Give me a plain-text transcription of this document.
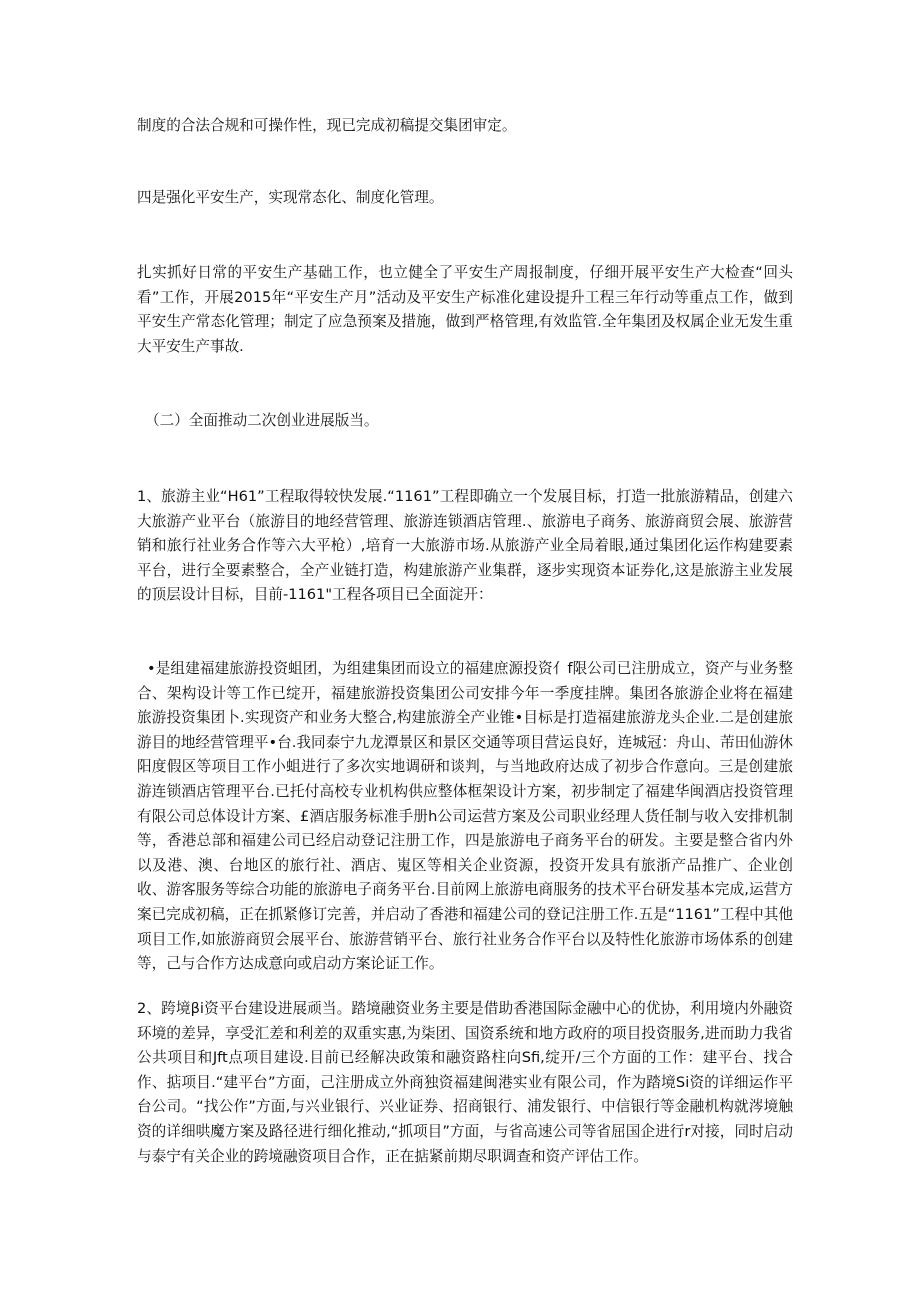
制度的合法合规和可操作性，现已完成初稿提交集团审定。

四是强化平安生产，实现常态化、制度化管理。

扎实抓好日常的平安生产基础工作，也立健全了平安生产周报制度，仔细开展平安生产大检查“回头看”工作，开展2015年“平安生产月”活动及平安生产标准化建设提升工程三年行动等重点工作，做到平安生产常态化管理；制定了应急预案及措施，做到严格管理,有效监管.全年集团及权属企业无发生重大平安生产事故.

（二）全面推动二次创业进展版当。

1、旅游主业“H61”工程取得较快发展.“1161”工程即确立一个发展目标，打造一批旅游精品，创建六大旅游产业平台（旅游目的地经营管理、旅游连锁酒店管理.、旅游电子商务、旅游商贸会展、旅游营销和旅行社业务合作等六大平枪）,培育一大旅游市场.从旅游产业全局着眼,通过集团化运作构建要素平台，进行全要素整合，全产业链打造，构建旅游产业集群，逐步实现资本证券化,这是旅游主业发展的顶层设计目标，目前-1161"工程各项目已全面淀开：

•是组建福建旅游投资蛆团，为组建集团而设立的福建庶源投资亻f限公司已注册成立，资产与业务整合、架构设计等工作已绽开，福建旅游投资集团公司安排今年一季度挂牌。集团各旅游企业将在福建旅游投资集团卜.实现资产和业务大整合,构建旅游全产业锥•目标是打造福建旅游龙头企业.二是创建旅游目的地经营管理平•台.我同泰宁九龙潭景区和景区交通等项目营运良好，连城冠：舟山、芾田仙游休阳度假区等项目工作小蛆进行了多次实地调研和谈判，与当地政府达成了初步合作意向。三是创建旅游连锁酒店管理平台.已托付高校专业机构供应整体框架设计方案，初步制定了福建华闽酒店投资管理有限公司总体设计方案、£酒店服务标准手册h公司运营方案及公司职业经理人货任制与收入安排机制等，香港总部和福建公司已经启动登记注册工作，四是旅游电子商务平台的研发。主要是整合省内外以及港、澳、台地区的旅行社、酒店、嵬区等相关企业资源，投资开发具有旅浙产品推广、企业创收、游客服务等综合功能的旅游电子商务平台.目前网上旅游电商服务的技术平台研发基本完成,运营方案已完成初稿，正在抓紧修订完善，并启动了香港和福建公司的登记注册工作.五是“1161”工程中其他项目工作,如旅游商贸会展平台、旅游营销平台、旅行社业务合作平台以及特性化旅游市场体系的创建等，己与合作方达成意向或启动方案论证工作。

2、跨境βi资平台建设进展顽当。踏境融资业务主要是借助香港国际金融中心的优协，利用境内外融资环境的差异，享受汇差和利差的双重实惠,为柒团、国资系统和地方政府的项目投资服务,进而助力我省公共项目和Jft点项目建设.目前已经解决政策和融资路柱向Sfi,绽开/三个方面的工作：建平台、找合作、掂项目.“建平台”方面，己注册成立外商独资福建闽港实业有限公司，作为踏境Si资的详细运作平台公司。“找公作”方面,与兴业银行、兴业证券、招商银行、浦发银行、中信银行等金融机构就涔境触资的详细哄魔方案及路径进行细化推动,“抓项目”方面，与省高速公司等省屈国企进行r对接，同时启动与泰宁有关企业的跨境融资项目合作，正在掂紧前期尽职调查和资产评估工作。
